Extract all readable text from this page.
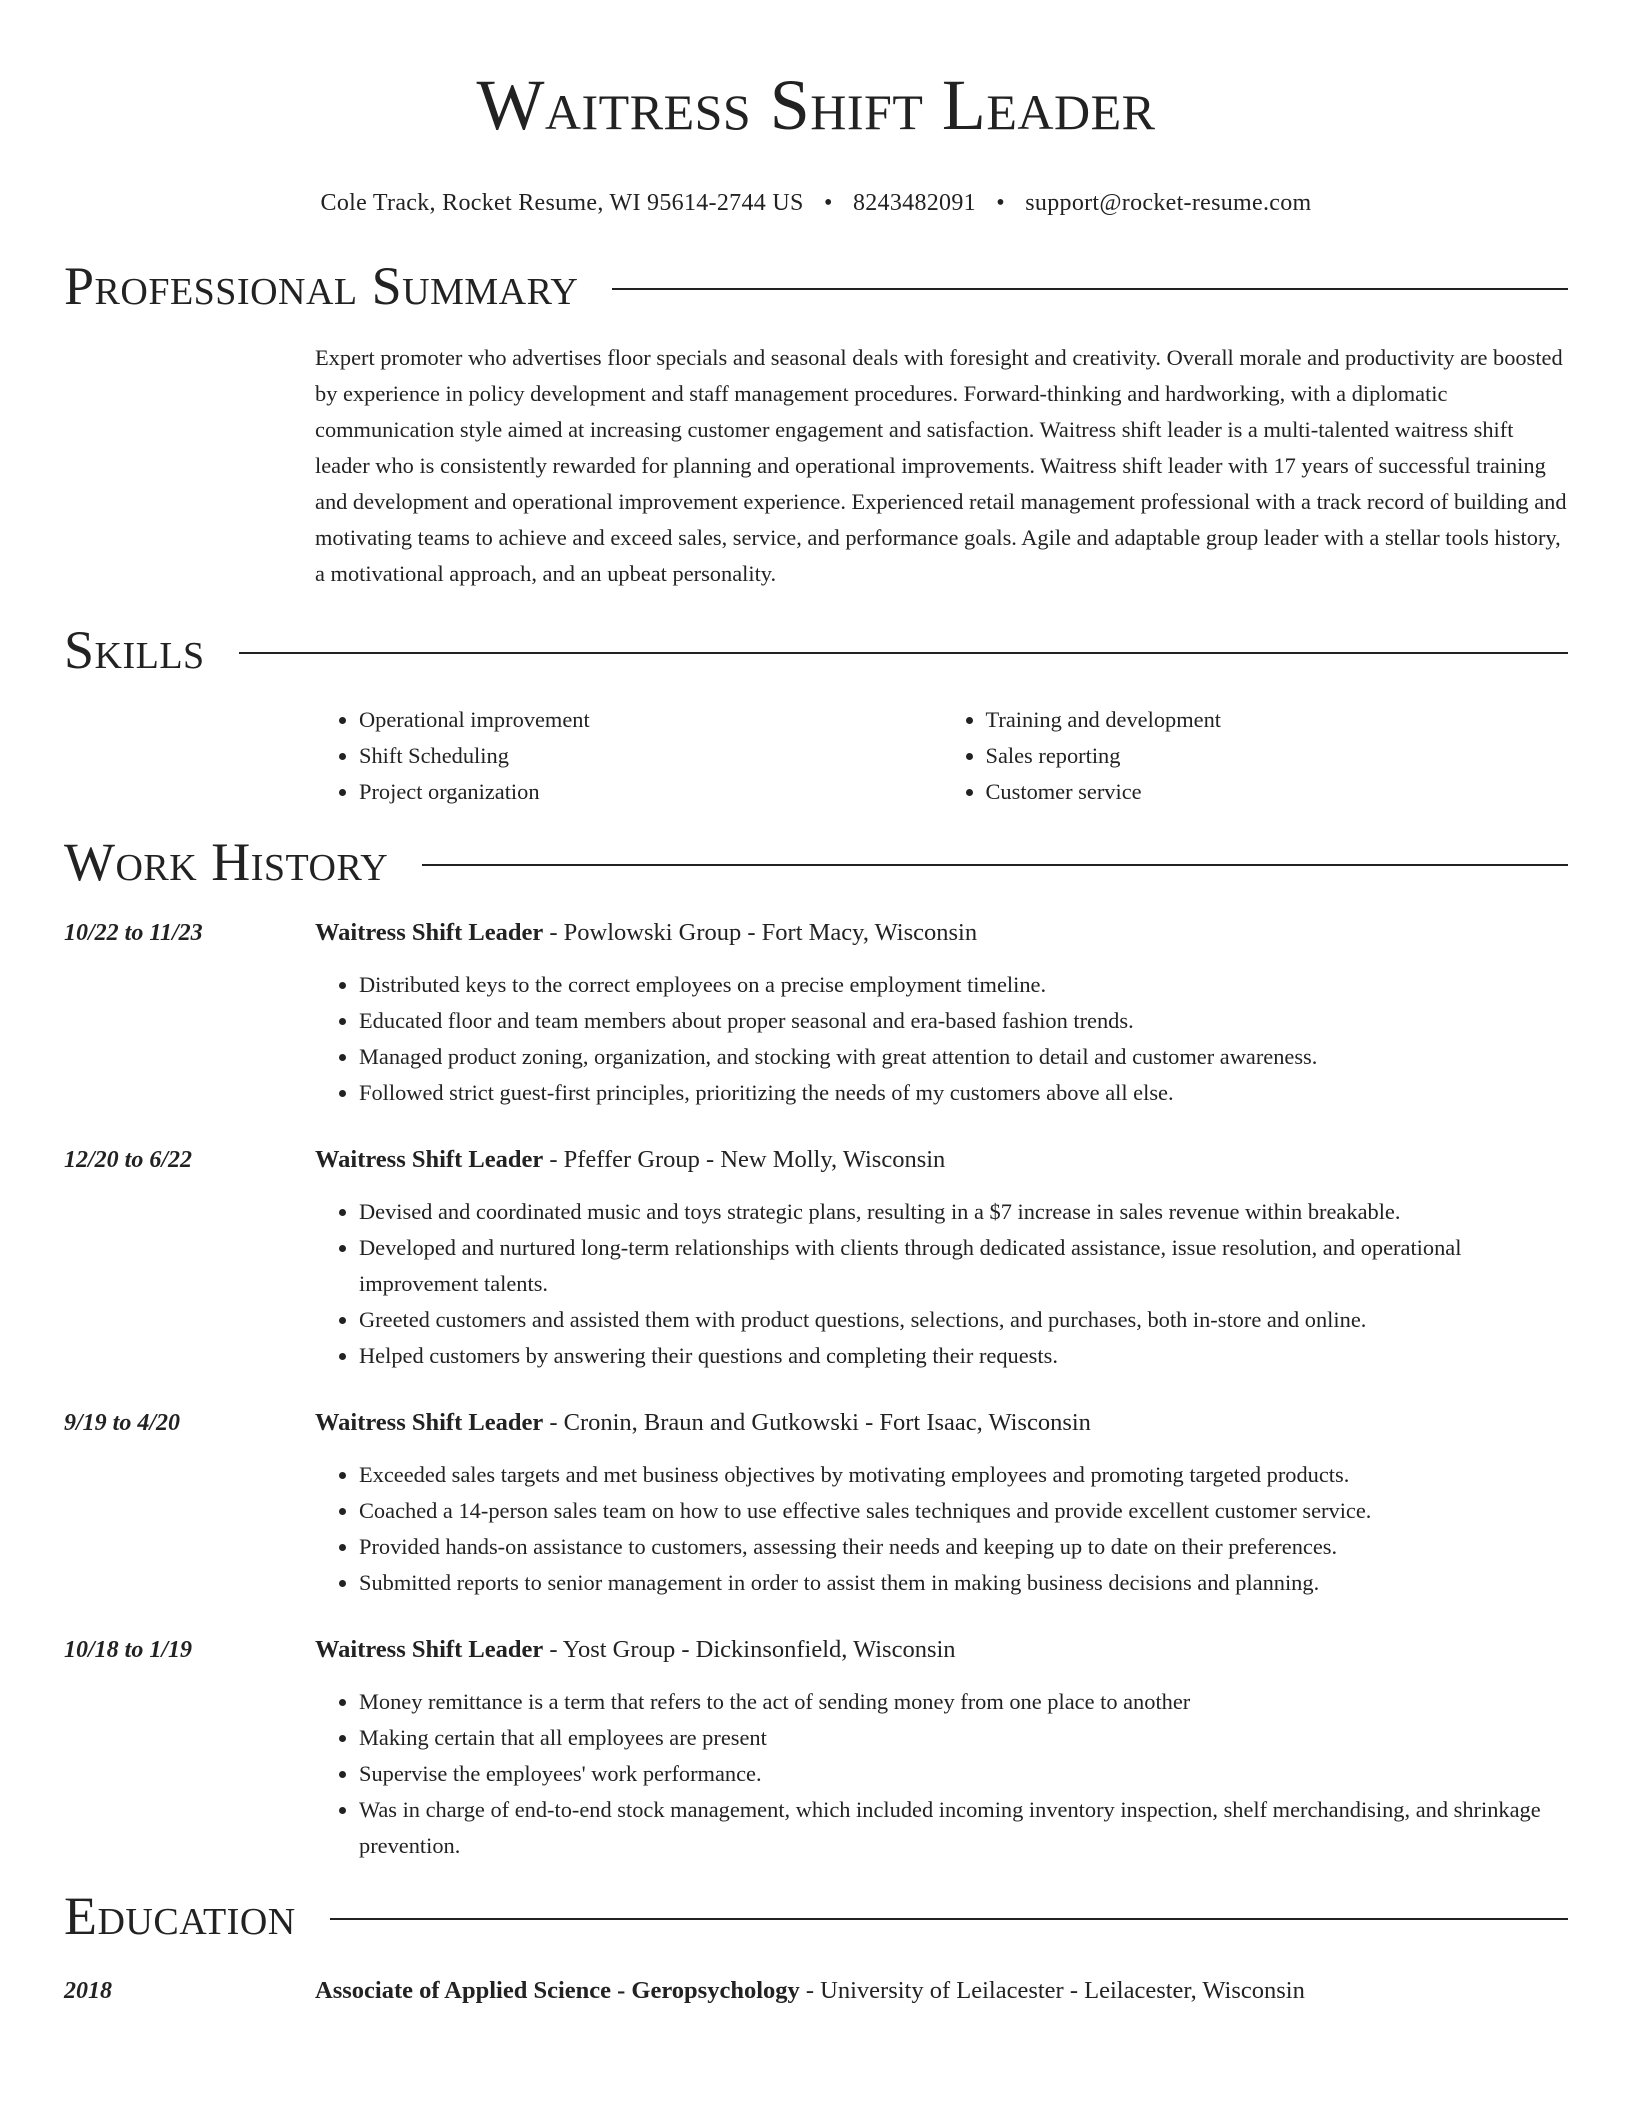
Waitress Shift Leader
Cole Track, Rocket Resume, WI 95614-2744 US • 8243482091 • support@rocket-resume.com
Professional Summary
Expert promoter who advertises floor specials and seasonal deals with foresight and creativity. Overall morale and productivity are boosted by experience in policy development and staff management procedures. Forward-thinking and hardworking, with a diplomatic communication style aimed at increasing customer engagement and satisfaction. Waitress shift leader is a multi-talented waitress shift leader who is consistently rewarded for planning and operational improvements. Waitress shift leader with 17 years of successful training and development and operational improvement experience. Experienced retail management professional with a track record of building and motivating teams to achieve and exceed sales, service, and performance goals. Agile and adaptable group leader with a stellar tools history, a motivational approach, and an upbeat personality.
Skills
• Operational improvement
• Shift Scheduling
• Project organization
• Training and development
• Sales reporting
• Customer service
Work History
10/22 to 11/23	Waitress Shift Leader - Powlowski Group - Fort Macy, Wisconsin
• Distributed keys to the correct employees on a precise employment timeline.
• Educated floor and team members about proper seasonal and era-based fashion trends.
• Managed product zoning, organization, and stocking with great attention to detail and customer awareness.
• Followed strict guest-first principles, prioritizing the needs of my customers above all else.
12/20 to 6/22	Waitress Shift Leader - Pfeffer Group - New Molly, Wisconsin
• Devised and coordinated music and toys strategic plans, resulting in a $7 increase in sales revenue within breakable.
• Developed and nurtured long-term relationships with clients through dedicated assistance, issue resolution, and operational improvement talents.
• Greeted customers and assisted them with product questions, selections, and purchases, both in-store and online.
• Helped customers by answering their questions and completing their requests.
9/19 to 4/20	Waitress Shift Leader - Cronin, Braun and Gutkowski - Fort Isaac, Wisconsin
• Exceeded sales targets and met business objectives by motivating employees and promoting targeted products.
• Coached a 14-person sales team on how to use effective sales techniques and provide excellent customer service.
• Provided hands-on assistance to customers, assessing their needs and keeping up to date on their preferences.
• Submitted reports to senior management in order to assist them in making business decisions and planning.
10/18 to 1/19	Waitress Shift Leader - Yost Group - Dickinsonfield, Wisconsin
• Money remittance is a term that refers to the act of sending money from one place to another
• Making certain that all employees are present
• Supervise the employees' work performance.
• Was in charge of end-to-end stock management, which included incoming inventory inspection, shelf merchandising, and shrinkage prevention.
Education
2018	Associate of Applied Science - Geropsychology - University of Leilacester - Leilacester, Wisconsin
